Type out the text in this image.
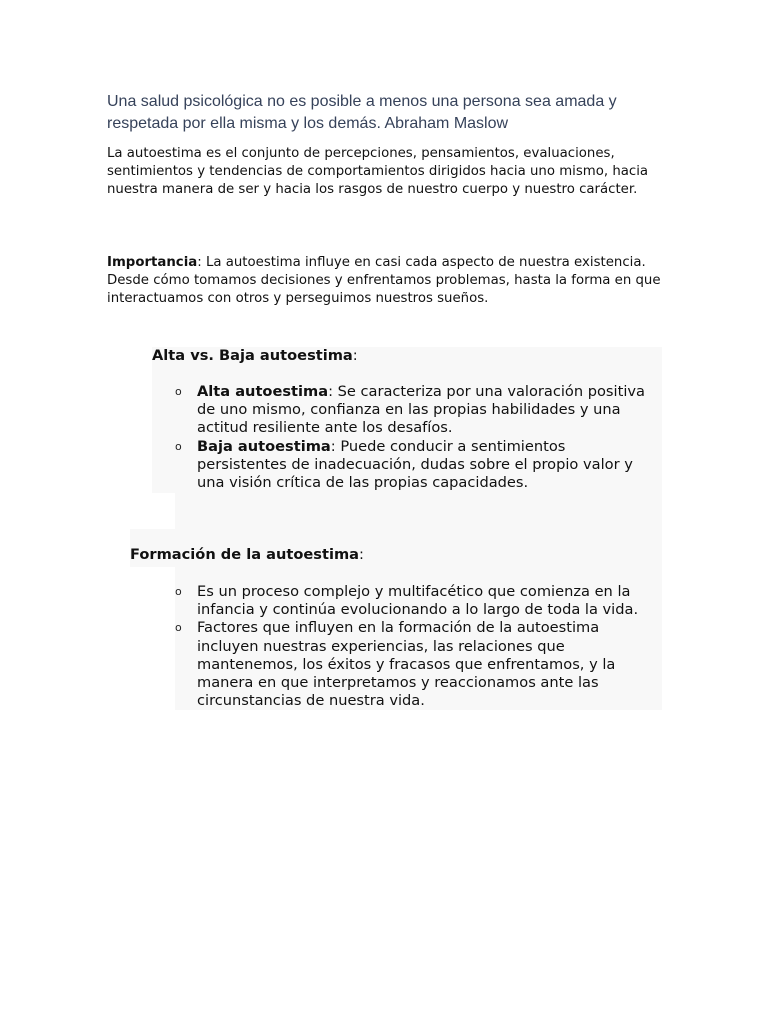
Una salud psicológica no es posible a menos una persona sea amada y respetada por ella misma y los demás. Abraham Maslow
La autoestima es el conjunto de percepciones, pensamientos, evaluaciones, sentimientos y tendencias de comportamientos dirigidos hacia uno mismo, hacia nuestra manera de ser y hacia los rasgos de nuestro cuerpo y nuestro carácter.
Importancia: La autoestima influye en casi cada aspecto de nuestra existencia. Desde cómo tomamos decisiones y enfrentamos problemas, hasta la forma en que interactuamos con otros y perseguimos nuestros sueños.
Alta vs. Baja autoestima:
o Alta autoestima: Se caracteriza por una valoración positiva de uno mismo, confianza en las propias habilidades y una actitud resiliente ante los desafíos.
o Baja autoestima: Puede conducir a sentimientos persistentes de inadecuación, dudas sobre el propio valor y una visión crítica de las propias capacidades.
Formación de la autoestima:
o Es un proceso complejo y multifacético que comienza en la infancia y continúa evolucionando a lo largo de toda la vida.
o Factores que influyen en la formación de la autoestima incluyen nuestras experiencias, las relaciones que mantenemos, los éxitos y fracasos que enfrentamos, y la manera en que interpretamos y reaccionamos ante las circunstancias de nuestra vida.
